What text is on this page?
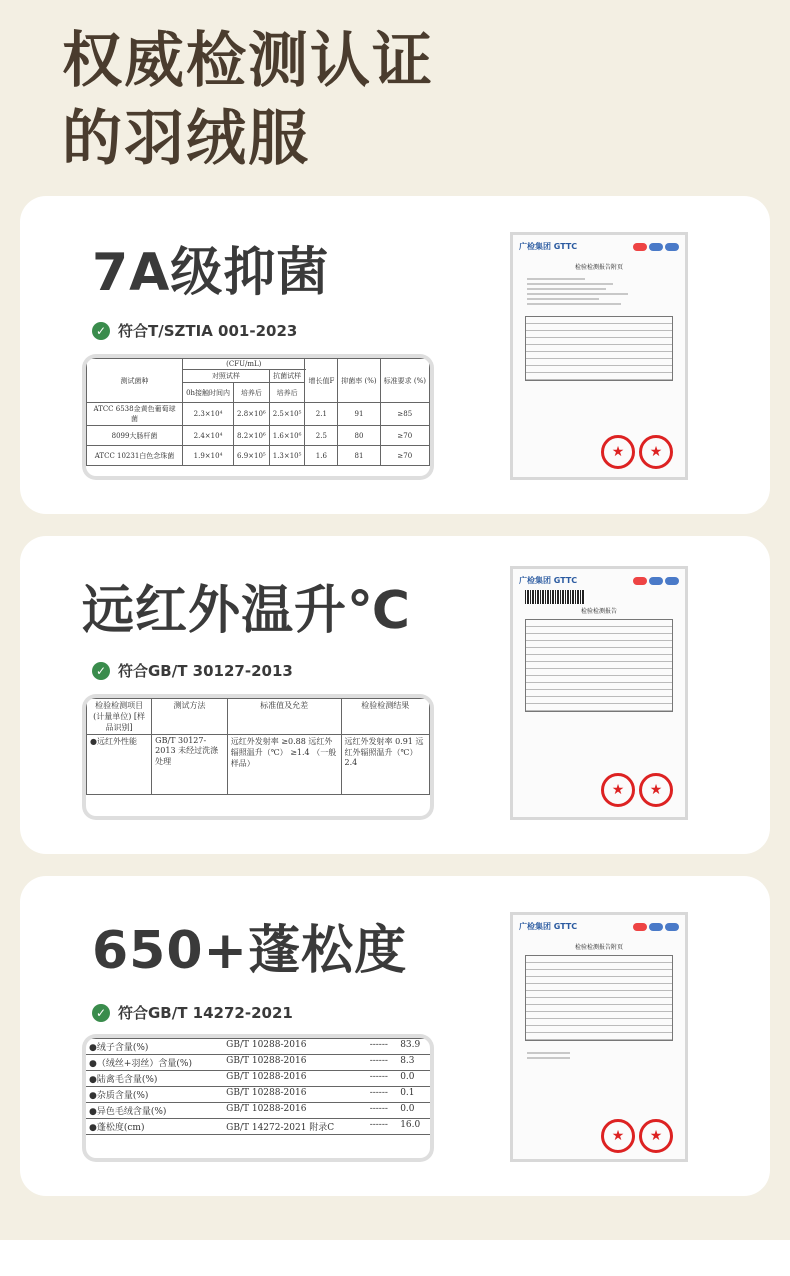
权威检测认证
的羽绒服
7A级抑菌
✓ 符合T/SZTIA 001-2023
测试菌种	(CFU/mL)			增长值F	抑菌率 (%)	标准要求 (%)
	对照试样		抗菌试样			
	0h接触时间内	培养后	培养后			
ATCC 6538金黄色葡萄球菌	2.3×10⁴	2.8×10⁶	2.5×10⁵	2.1	91	≥85
8099大肠杆菌	2.4×10⁴	8.2×10⁶	1.6×10⁶	2.5	80	≥70
ATCC 10231白色念珠菌	1.9×10⁴	6.9×10⁵	1.3×10⁵	1.6	81	≥70
远红外温升℃
✓ 符合GB/T 30127-2013
检验检测项目 (计量单位) [样品识别]	测试方法	标准值及允差	检验检测结果
●远红外性能	GB/T 30127-2013 未经过洗涤处理	远红外发射率 ≥0.88 远红外辐照温升（℃） ≥1.4 （一般样品）	远红外发射率 0.91 远红外辐照温升（℃） 2.4
650+蓬松度
✓ 符合GB/T 14272-2021
●绒子含量(%)	GB/T 10288-2016	------	83.9
●（绒丝+羽丝）含量(%)	GB/T 10288-2016	------	8.3
●陆禽毛含量(%)	GB/T 10288-2016	------	0.0
●杂质含量(%)	GB/T 10288-2016	------	0.1
●异色毛绒含量(%)	GB/T 10288-2016	------	0.0
●蓬松度(cm)	GB/T 14272-2021 附录C	------	16.0
广检集团 GTTC
检验检测报告附页
★	★
广检集团 GTTC
检验检测报告
★	★
广检集团 GTTC
检验检测报告附页
★	★
